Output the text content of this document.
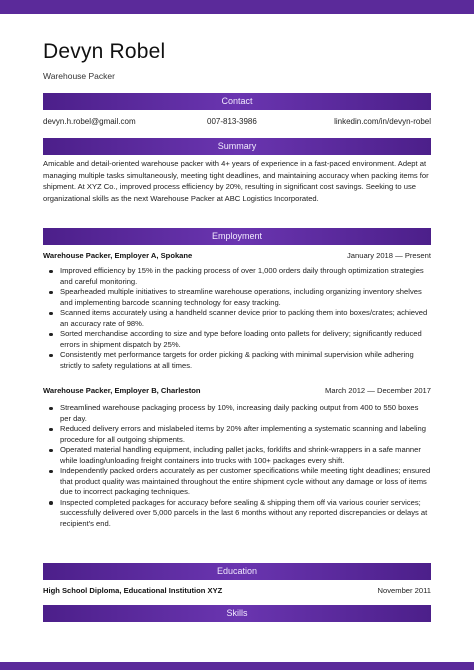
Devyn Robel
Warehouse Packer
Contact
devyn.h.robel@gmail.com	007-813-3986	linkedin.com/in/devyn-robel
Summary

Amicable and detail-oriented warehouse packer with 4+ years of experience in a fast-paced environment. Adept at managing multiple tasks simultaneously, meeting tight deadlines, and maintaining accuracy when packing items for shipment. At XYZ Co., improved process efficiency by 20%, resulting in significant cost savings. Seeking to use organizational skills as the next Warehouse Packer at ABC Logistics Incorporated.

Employment
Warehouse Packer, Employer A, Spokane	January 2018 — Present
Improved efficiency by 15% in the packing process of over 1,000 orders daily through optimization strategies and careful monitoring.
Spearheaded multiple initiatives to streamline warehouse operations, including organizing inventory shelves and implementing barcode scanning technology for easy tracking.
Scanned items accurately using a handheld scanner device prior to packing them into boxes/crates; achieved an accuracy rate of 98%.
Sorted merchandise according to size and type before loading onto pallets for delivery; significantly reduced errors in shipment dispatch by 25%.
Consistently met performance targets for order picking & packing with minimal supervision while adhering strictly to safety regulations at all times.
Warehouse Packer, Employer B, Charleston	March 2012 — December 2017
Streamlined warehouse packaging process by 10%, increasing daily packing output from 400 to 550 boxes per day.
Reduced delivery errors and mislabeled items by 20% after implementing a systematic scanning and labeling procedure for all outgoing shipments.
Operated material handling equipment, including pallet jacks, forklifts and shrink-wrappers in a safe manner while loading/unloading freight containers into trucks with 100+ packages every shift.
Independently packed orders accurately as per customer specifications while meeting tight deadlines; ensured that product quality was maintained throughout the entire shipment cycle without any damage or loss of items due to incorrect packaging techniques.
Inspected completed packages for accuracy before sealing & shipping them off via various courier services; successfully delivered over 5,000 parcels in the last 6 months without any reported discrepancies or delays at recipient's end.
Education
High School Diploma, Educational Institution XYZ	November 2011
Skills
